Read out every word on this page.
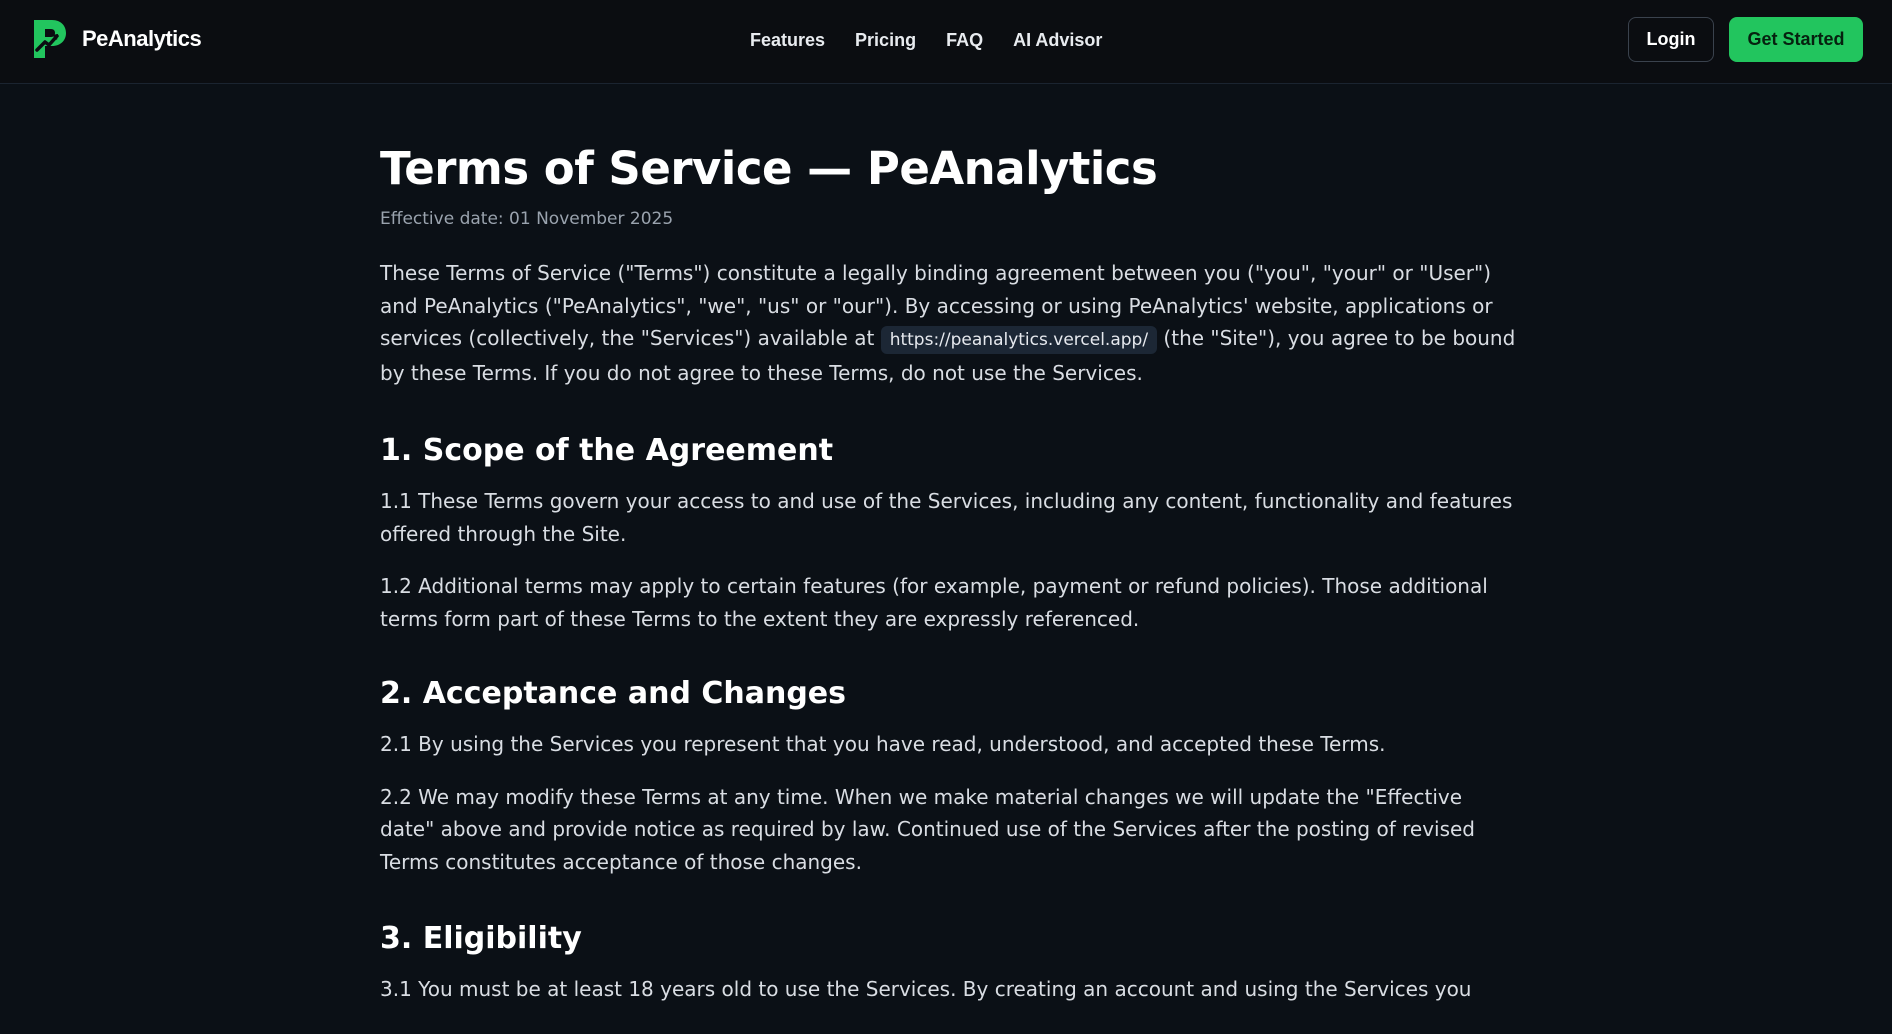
PeAnalytics	Features Pricing FAQ AI Advisor	Login	Get Started
Terms of Service — PeAnalytics

Effective date: 01 November 2025

These Terms of Service ("Terms") constitute a legally binding agreement between you ("you", "your" or "User") and PeAnalytics ("PeAnalytics", "we", "us" or "our"). By accessing or using PeAnalytics' website, applications or services (collectively, the "Services") available at https://peanalytics.vercel.app/ (the "Site"), you agree to be bound by these Terms. If you do not agree to these Terms, do not use the Services.

1. Scope of the Agreement

1.1 These Terms govern your access to and use of the Services, including any content, functionality and features offered through the Site.

1.2 Additional terms may apply to certain features (for example, payment or refund policies). Those additional terms form part of these Terms to the extent they are expressly referenced.

2. Acceptance and Changes

2.1 By using the Services you represent that you have read, understood, and accepted these Terms.

2.2 We may modify these Terms at any time. When we make material changes we will update the "Effective date" above and provide notice as required by law. Continued use of the Services after the posting of revised Terms constitutes acceptance of those changes.

3. Eligibility

3.1 You must be at least 18 years old to use the Services. By creating an account and using the Services you
